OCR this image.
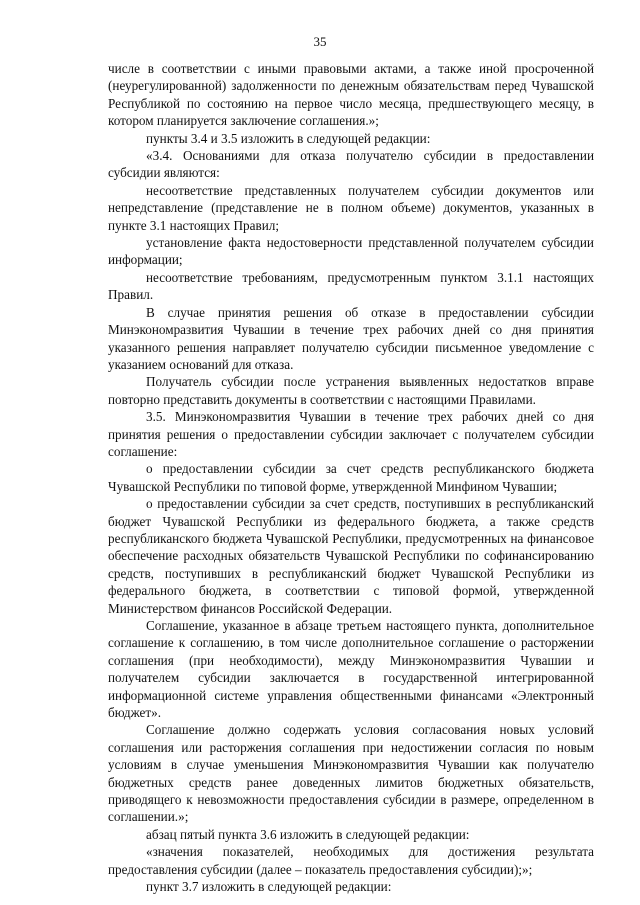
35

числе в соответствии с иными правовыми актами, а также иной просроченной (неурегулированной) задолженности по денежным обязательствам перед Чувашской Республикой по состоянию на первое число месяца, предшествующего месяцу, в котором планируется заключение соглашения.»;

пункты 3.4 и 3.5 изложить в следующей редакции:

«3.4. Основаниями для отказа получателю субсидии в предоставлении субсидии являются:

несоответствие представленных получателем субсидии документов или непредставление (представление не в полном объеме) документов, указанных в пункте 3.1 настоящих Правил;

установление факта недостоверности представленной получателем субсидии информации;

несоответствие требованиям, предусмотренным пунктом 3.1.1 настоящих Правил.

В случае принятия решения об отказе в предоставлении субсидии Минэкономразвития Чувашии в течение трех рабочих дней со дня принятия указанного решения направляет получателю субсидии письменное уведомление с указанием оснований для отказа.

Получатель субсидии после устранения выявленных недостатков вправе повторно представить документы в соответствии с настоящими Правилами.

3.5. Минэкономразвития Чувашии в течение трех рабочих дней со дня принятия решения о предоставлении субсидии заключает с получателем субсидии соглашение:

о предоставлении субсидии за счет средств республиканского бюджета Чувашской Республики по типовой форме, утвержденной Минфином Чувашии;

о предоставлении субсидии за счет средств, поступивших в республиканский бюджет Чувашской Республики из федерального бюджета, а также средств республиканского бюджета Чувашской Республики, предусмотренных на финансовое обеспечение расходных обязательств Чувашской Республики по софинансированию средств, поступивших в республиканский бюджет Чувашской Республики из федерального бюджета, в соответствии с типовой формой, утвержденной Министерством финансов Российской Федерации.

Соглашение, указанное в абзаце третьем настоящего пункта, дополнительное соглашение к соглашению, в том числе дополнительное соглашение о расторжении соглашения (при необходимости), между Минэкономразвития Чувашии и получателем субсидии заключается в государственной интегрированной информационной системе управления общественными финансами «Электронный бюджет».

Соглашение должно содержать условия согласования новых условий соглашения или расторжения соглашения при недостижении согласия по новым условиям в случае уменьшения Минэкономразвития Чувашии как получателю бюджетных средств ранее доведенных лимитов бюджетных обязательств, приводящего к невозможности предоставления субсидии в размере, определенном в соглашении.»;

абзац пятый пункта 3.6 изложить в следующей редакции:

«значения показателей, необходимых для достижения результата предоставления субсидии (далее – показатель предоставления субсидии);»;

пункт 3.7 изложить в следующей редакции:
